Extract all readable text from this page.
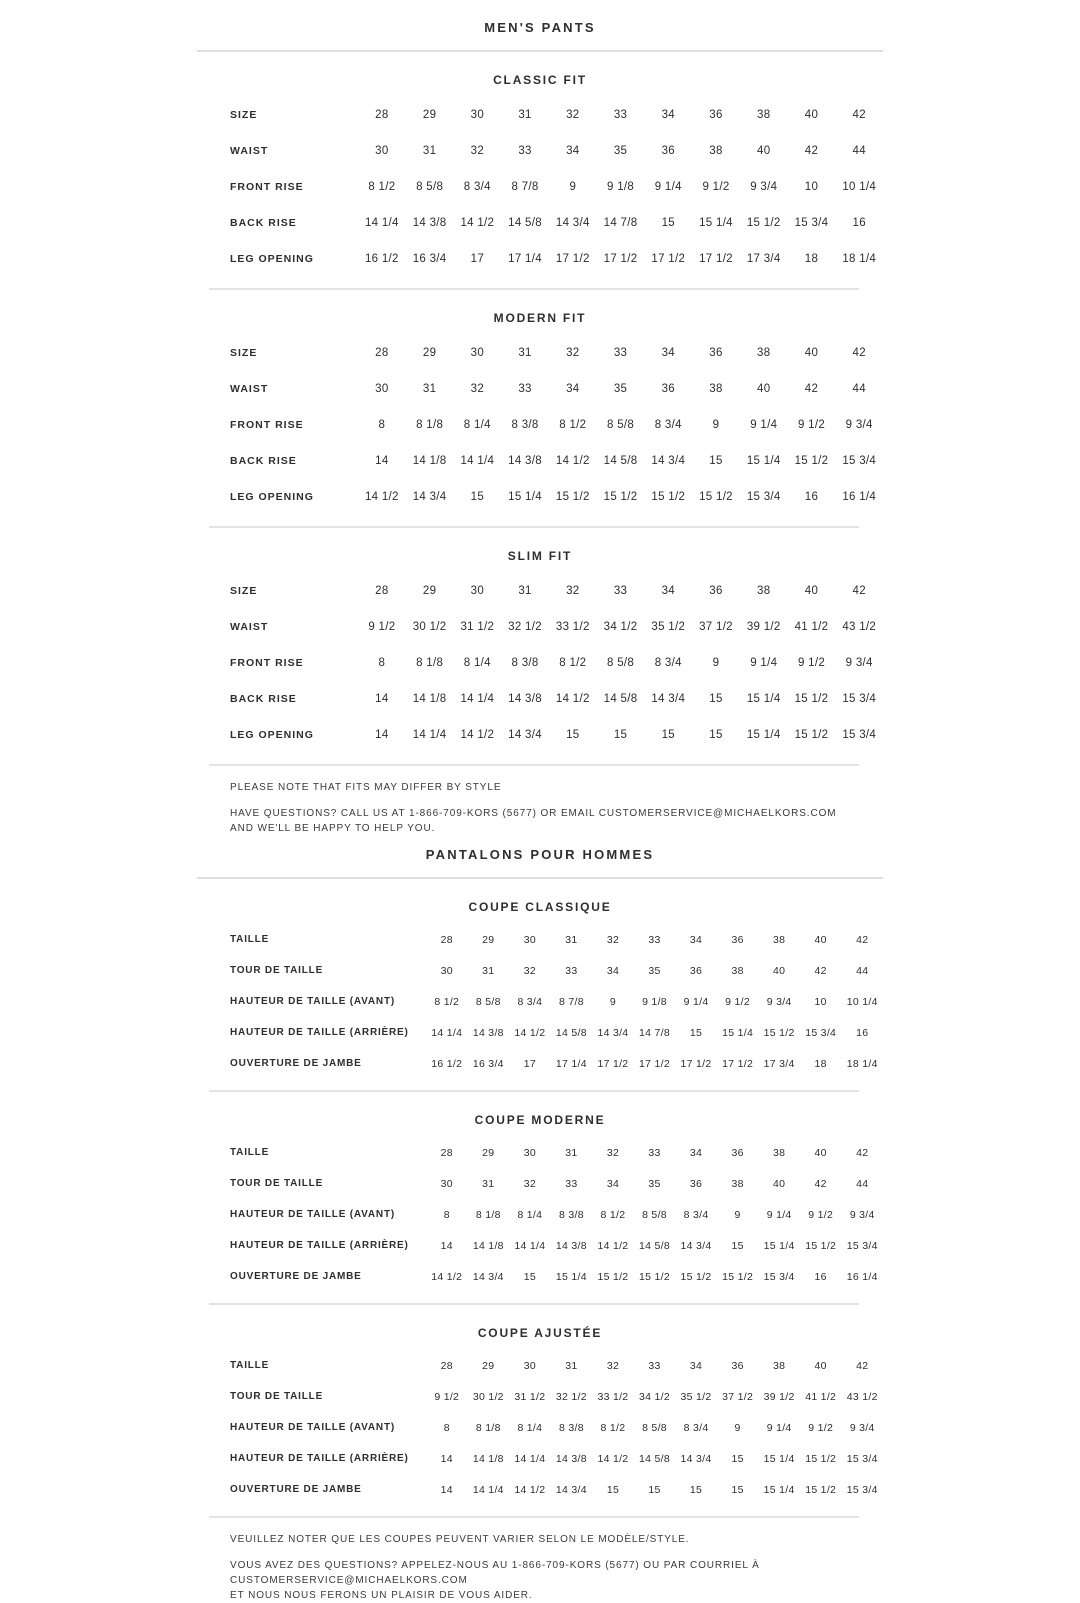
MEN'S PANTS
CLASSIC FIT
SIZE	28	29	30	31	32	33	34	36	38	40	42
WAIST	30	31	32	33	34	35	36	38	40	42	44
FRONT RISE	8 1/2	8 5/8	8 3/4	8 7/8	9	9 1/8	9 1/4	9 1/2	9 3/4	10	10 1/4
BACK RISE	14 1/4	14 3/8	14 1/2	14 5/8	14 3/4	14 7/8	15	15 1/4	15 1/2	15 3/4	16
LEG OPENING	16 1/2	16 3/4	17	17 1/4	17 1/2	17 1/2	17 1/2	17 1/2	17 3/4	18	18 1/4
MODERN FIT
SIZE	28	29	30	31	32	33	34	36	38	40	42
WAIST	30	31	32	33	34	35	36	38	40	42	44
FRONT RISE	8	8 1/8	8 1/4	8 3/8	8 1/2	8 5/8	8 3/4	9	9 1/4	9 1/2	9 3/4
BACK RISE	14	14 1/8	14 1/4	14 3/8	14 1/2	14 5/8	14 3/4	15	15 1/4	15 1/2	15 3/4
LEG OPENING	14 1/2	14 3/4	15	15 1/4	15 1/2	15 1/2	15 1/2	15 1/2	15 3/4	16	16 1/4
SLIM FIT
SIZE	28	29	30	31	32	33	34	36	38	40	42
WAIST	9 1/2	30 1/2	31 1/2	32 1/2	33 1/2	34 1/2	35 1/2	37 1/2	39 1/2	41 1/2	43 1/2
FRONT RISE	8	8 1/8	8 1/4	8 3/8	8 1/2	8 5/8	8 3/4	9	9 1/4	9 1/2	9 3/4
BACK RISE	14	14 1/8	14 1/4	14 3/8	14 1/2	14 5/8	14 3/4	15	15 1/4	15 1/2	15 3/4
LEG OPENING	14	14 1/4	14 1/2	14 3/4	15	15	15	15	15 1/4	15 1/2	15 3/4

PLEASE NOTE THAT FITS MAY DIFFER BY STYLE

HAVE QUESTIONS? CALL US AT 1-866-709-KORS (5677) OR EMAIL CUSTOMERSERVICE@MICHAELKORS.COM
AND WE'LL BE HAPPY TO HELP YOU.

PANTALONS POUR HOMMES
COUPE CLASSIQUE
TAILLE	28	29	30	31	32	33	34	36	38	40	42
TOUR DE TAILLE	30	31	32	33	34	35	36	38	40	42	44
HAUTEUR DE TAILLE (AVANT)	8 1/2	8 5/8	8 3/4	8 7/8	9	9 1/8	9 1/4	9 1/2	9 3/4	10	10 1/4
HAUTEUR DE TAILLE (ARRIÈRE)	14 1/4	14 3/8	14 1/2	14 5/8	14 3/4	14 7/8	15	15 1/4	15 1/2	15 3/4	16
OUVERTURE DE JAMBE	16 1/2	16 3/4	17	17 1/4	17 1/2	17 1/2	17 1/2	17 1/2	17 3/4	18	18 1/4
COUPE MODERNE
TAILLE	28	29	30	31	32	33	34	36	38	40	42
TOUR DE TAILLE	30	31	32	33	34	35	36	38	40	42	44
HAUTEUR DE TAILLE (AVANT)	8	8 1/8	8 1/4	8 3/8	8 1/2	8 5/8	8 3/4	9	9 1/4	9 1/2	9 3/4
HAUTEUR DE TAILLE (ARRIÈRE)	14	14 1/8	14 1/4	14 3/8	14 1/2	14 5/8	14 3/4	15	15 1/4	15 1/2	15 3/4
OUVERTURE DE JAMBE	14 1/2	14 3/4	15	15 1/4	15 1/2	15 1/2	15 1/2	15 1/2	15 3/4	16	16 1/4
COUPE AJUSTÉE
TAILLE	28	29	30	31	32	33	34	36	38	40	42
TOUR DE TAILLE	9 1/2	30 1/2	31 1/2	32 1/2	33 1/2	34 1/2	35 1/2	37 1/2	39 1/2	41 1/2	43 1/2
HAUTEUR DE TAILLE (AVANT)	8	8 1/8	8 1/4	8 3/8	8 1/2	8 5/8	8 3/4	9	9 1/4	9 1/2	9 3/4
HAUTEUR DE TAILLE (ARRIÈRE)	14	14 1/8	14 1/4	14 3/8	14 1/2	14 5/8	14 3/4	15	15 1/4	15 1/2	15 3/4
OUVERTURE DE JAMBE	14	14 1/4	14 1/2	14 3/4	15	15	15	15	15 1/4	15 1/2	15 3/4

VEUILLEZ NOTER QUE LES COUPES PEUVENT VARIER SELON LE MODÈLE/STYLE.

VOUS AVEZ DES QUESTIONS? APPELEZ-NOUS AU 1-866-709-KORS (5677) OU PAR COURRIEL À CUSTOMERSERVICE@MICHAELKORS.COM
ET NOUS NOUS FERONS UN PLAISIR DE VOUS AIDER.
